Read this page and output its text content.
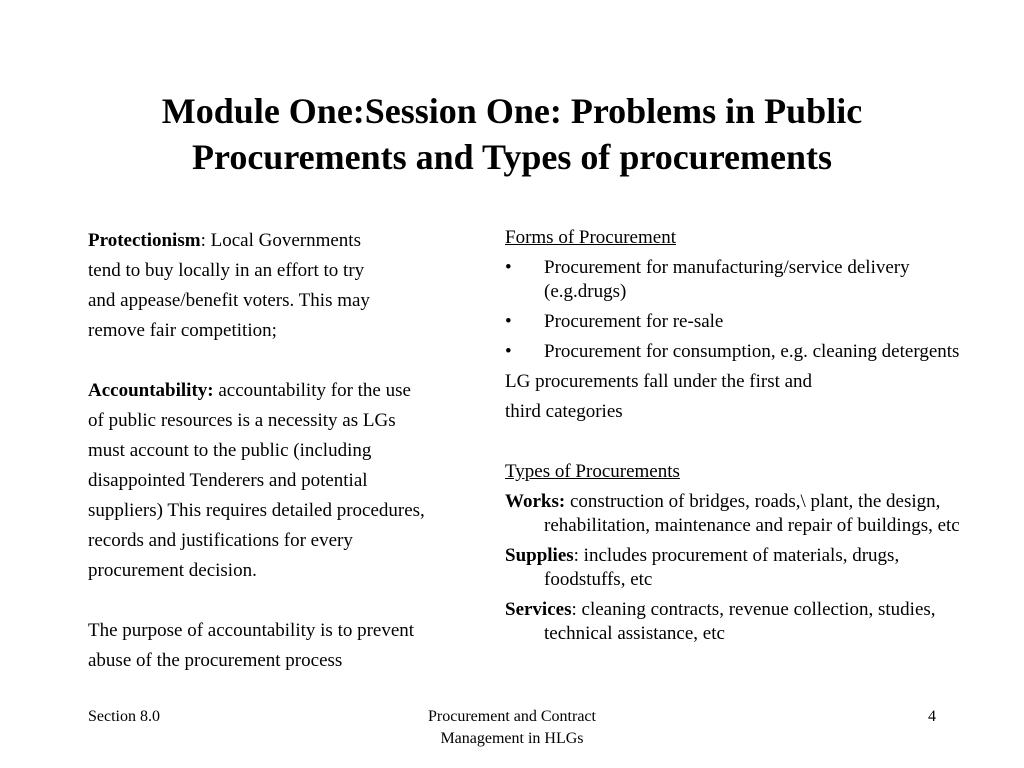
Module One:Session One: Problems in Public
Procurements and Types of procurements

Protectionism: Local Governments
tend to buy locally in an effort to try
and appease/benefit voters. This may
remove fair competition;

Accountability: accountability for the use
of public resources is a necessity as LGs
must account to the public (including
disappointed Tenderers and potential
suppliers) This requires detailed procedures,
records and justifications for every
procurement decision.

The purpose of accountability is to prevent
abuse of the procurement process

Forms of Procurement
•	Procurement for manufacturing/service delivery (e.g.drugs)
•	Procurement for re-sale
•	Procurement for consumption, e.g. cleaning detergents
LG procurements fall under the first and
third categories
Types of Procurements
Works: construction of bridges, roads,\ plant, the design, rehabilitation, maintenance and repair of buildings, etc
Supplies: includes procurement of materials, drugs, foodstuffs, etc
Services: cleaning contracts, revenue collection, studies, technical assistance, etc
Section 8.0	Procurement and Contract
Management in HLGs
4
